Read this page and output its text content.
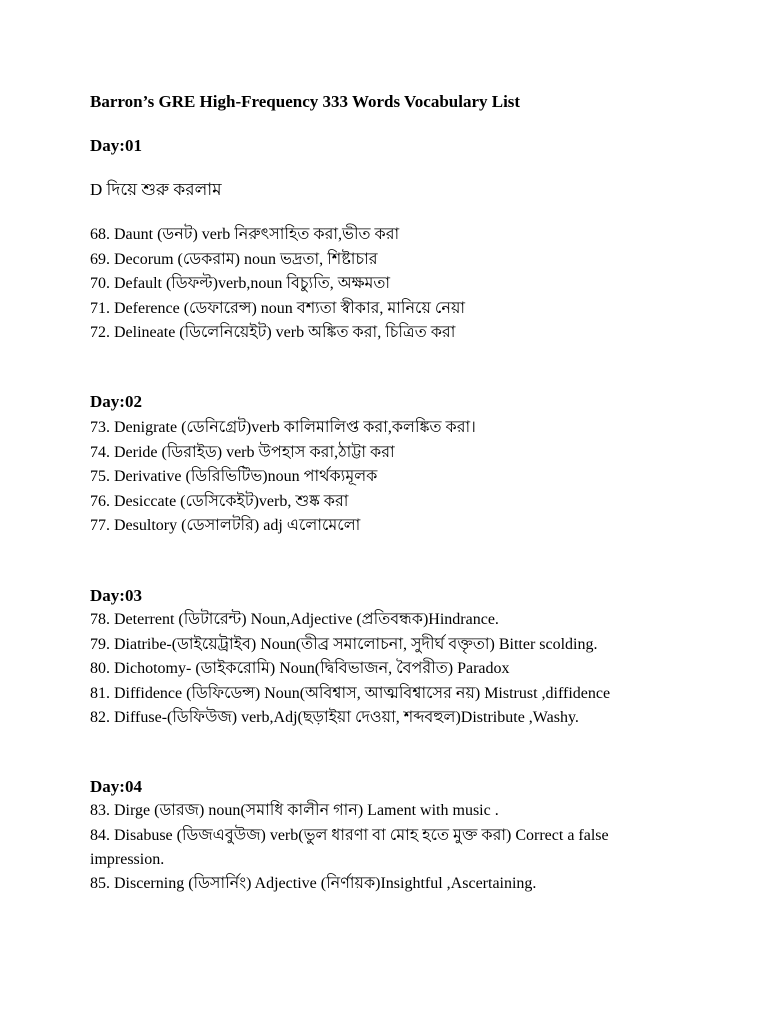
Barron’s GRE High-Frequency 333 Words Vocabulary List
Day:01
D দিয়ে শুরু করলাম
68. Daunt (ডনট) verb নিরুৎসাহিত করা,ভীত করা
69. Decorum (ডেকরাম) noun ভদ্রতা, শিষ্টাচার
70. Default (ডিফল্ট)verb,noun বিচ্যুতি, অক্ষমতা
71. Deference (ডেফারেন্স) noun বশ্যতা স্বীকার, মানিয়ে নেয়া
72. Delineate (ডিলেনিয়েইট) verb অঙ্কিত করা, চিত্রিত করা
Day:02
73. Denigrate (ডেনিগ্রেট)verb কালিমালিপ্ত করা,কলঙ্কিত করা।
74. Deride (ডিরাইড) verb উপহাস করা,ঠাট্টা করা
75. Derivative (ডিরিভিটিভ)noun পার্থক্যমূলক
76. Desiccate (ডেসিকেইট)verb, শুষ্ক করা
77. Desultory (ডেসালটরি) adj এলোমেলো
Day:03
78. Deterrent (ডিটারেন্ট) Noun,Adjective (প্রতিবন্ধক)Hindrance.
79. Diatribe-(ডাইয়েট্রাইব) Noun(তীব্র সমালোচনা, সুদীর্ঘ বক্তৃতা) Bitter scolding.
80. Dichotomy- (ডাইকরোমি) Noun(দ্বিবিভাজন, বৈপরীত) Paradox
81. Diffidence (ডিফিডেন্স) Noun(অবিশ্বাস, আত্মবিশ্বাসের নয়) Mistrust ,diffidence
82. Diffuse-(ডিফিউজ) verb,Adj(ছড়াইয়া দেওয়া, শব্দবহুল)Distribute ,Washy.
Day:04
83. Dirge (ডারজ) noun(সমাধি কালীন গান) Lament with music .
84. Disabuse (ডিজএবুউজ) verb(ভুল ধারণা বা মোহ হতে মুক্ত করা) Correct a false impression.
85. Discerning (ডিসার্নিং) Adjective (নির্ণায়ক)Insightful ,Ascertaining.
